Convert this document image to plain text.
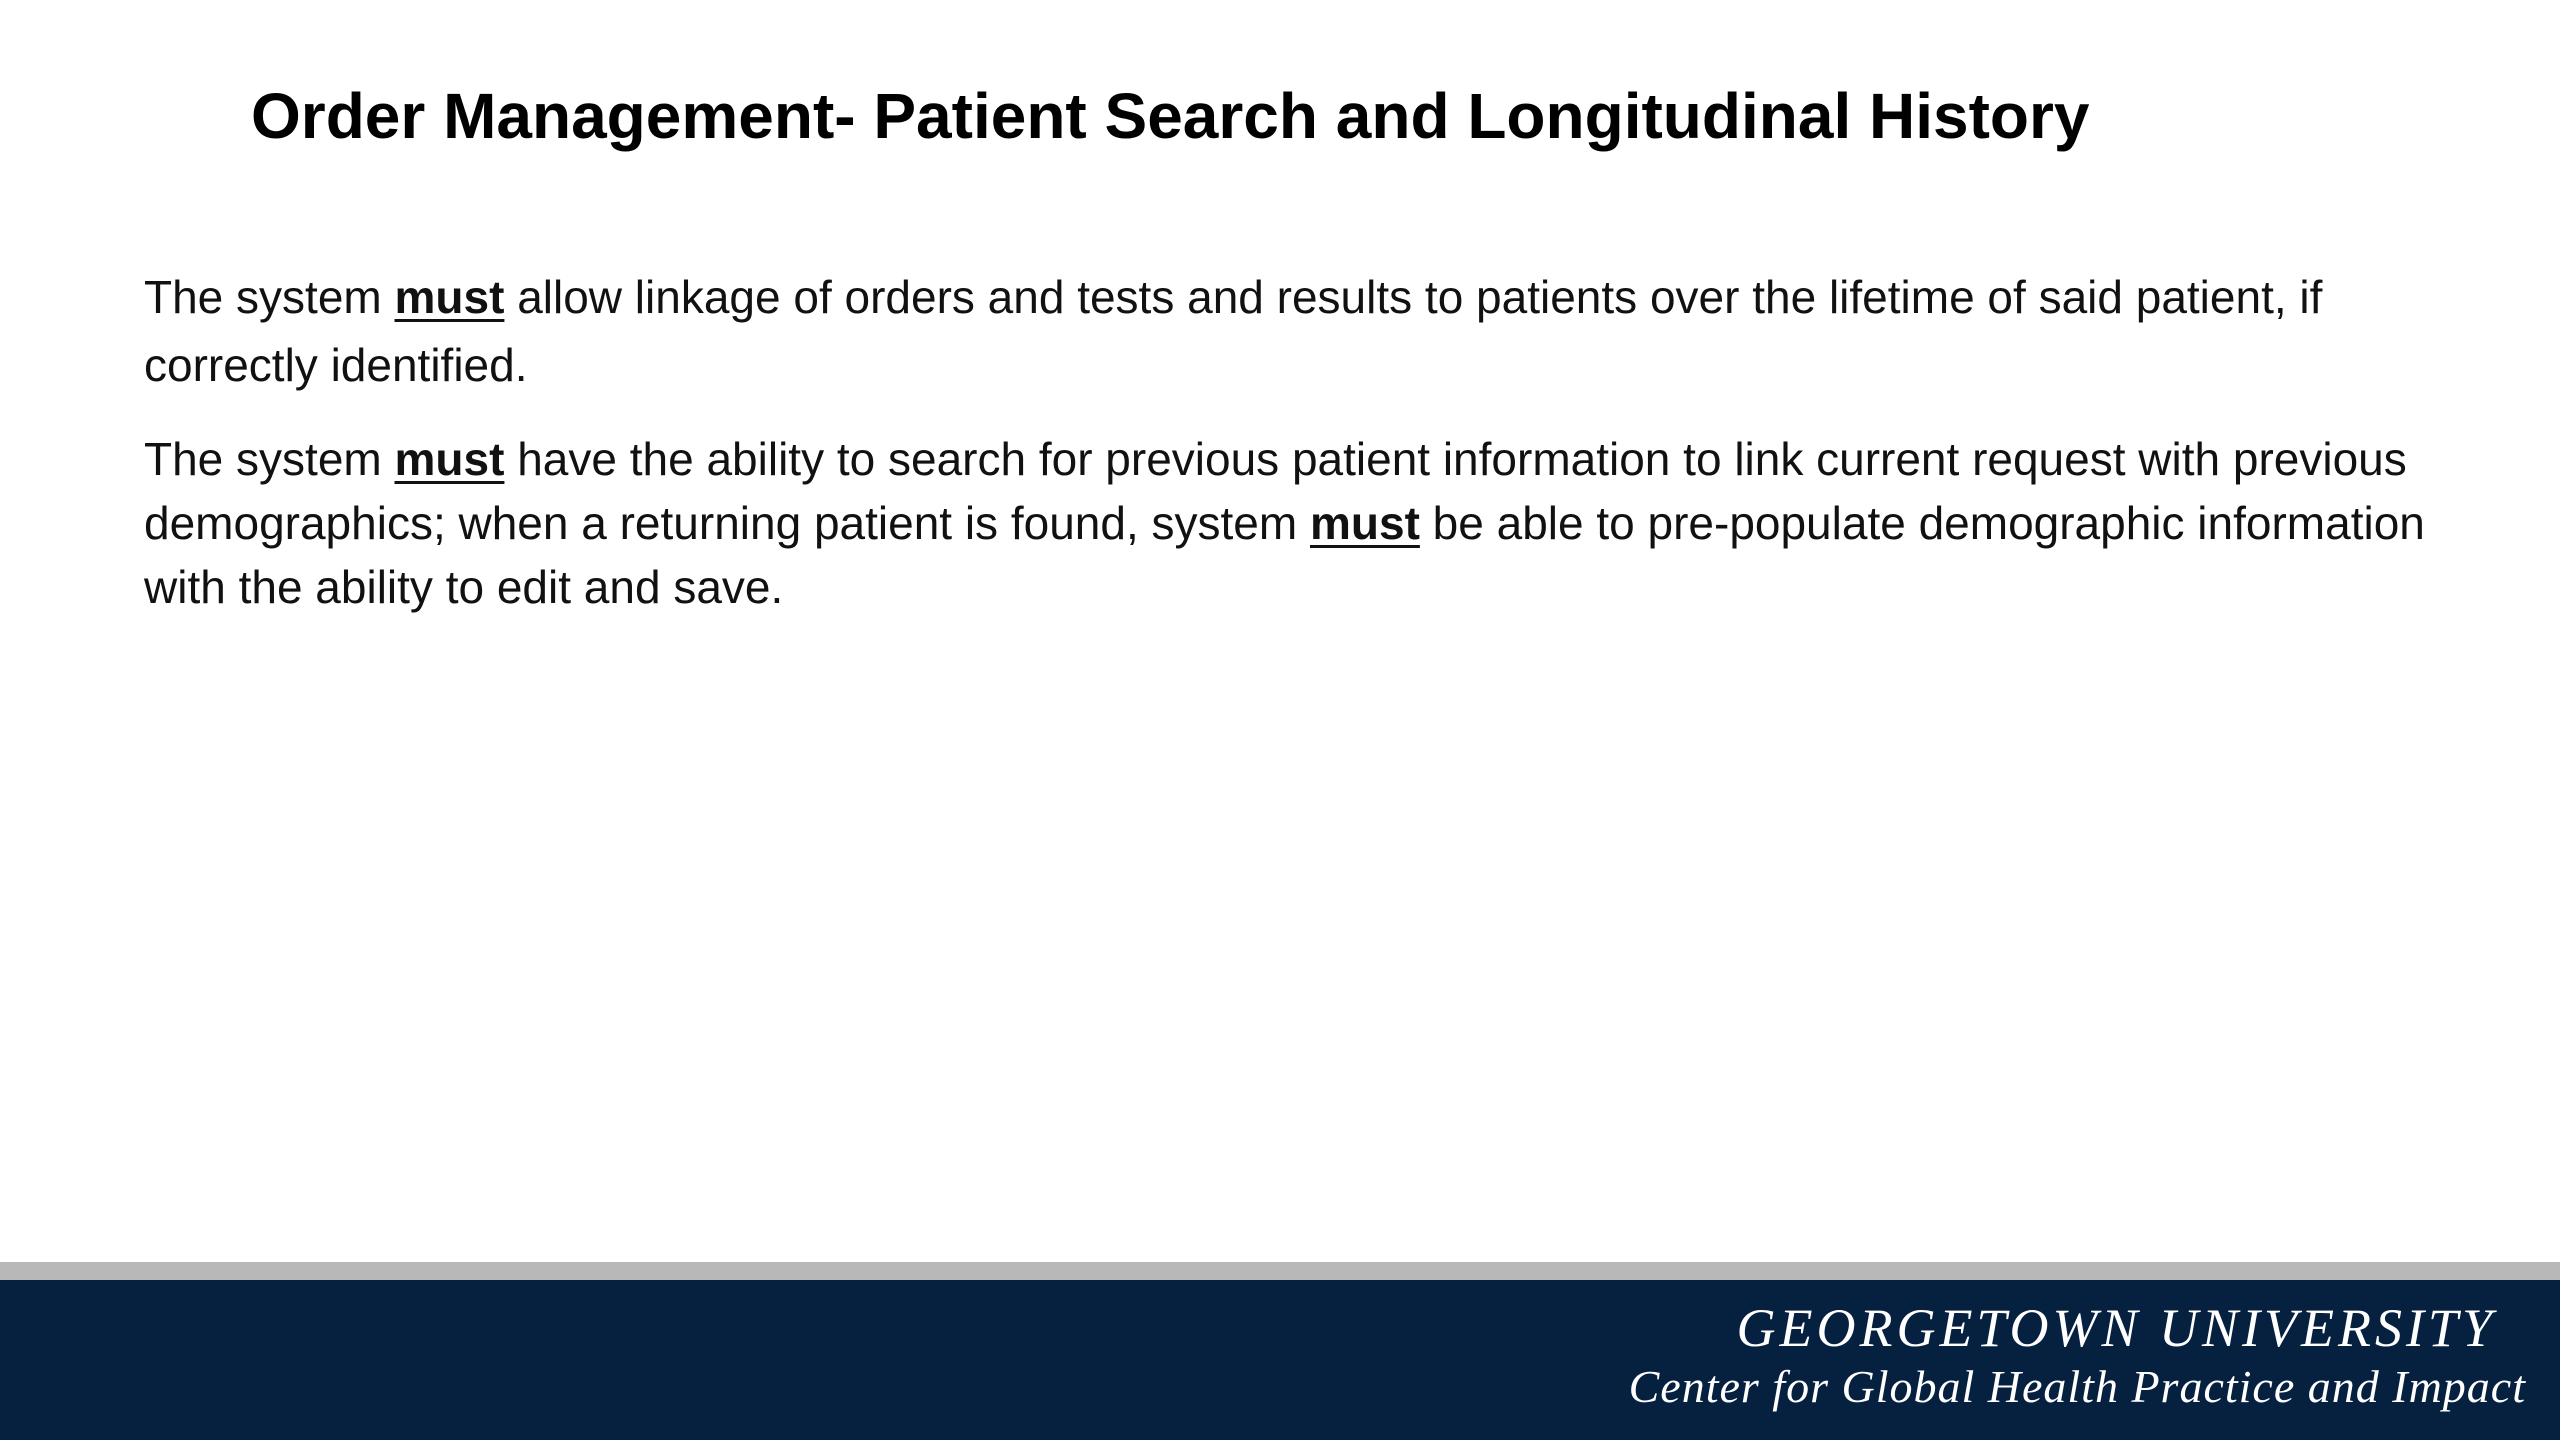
Order Management- Patient Search and Longitudinal History

The system must allow linkage of orders and tests and results to patients over the lifetime of said patient, if correctly identified.

The system must have the ability to search for previous patient information to link current request with previous demographics; when a returning patient is found, system must be able to pre-populate demographic information with the ability to edit and save.

GEORGETOWN UNIVERSITY
Center for Global Health Practice and Impact
